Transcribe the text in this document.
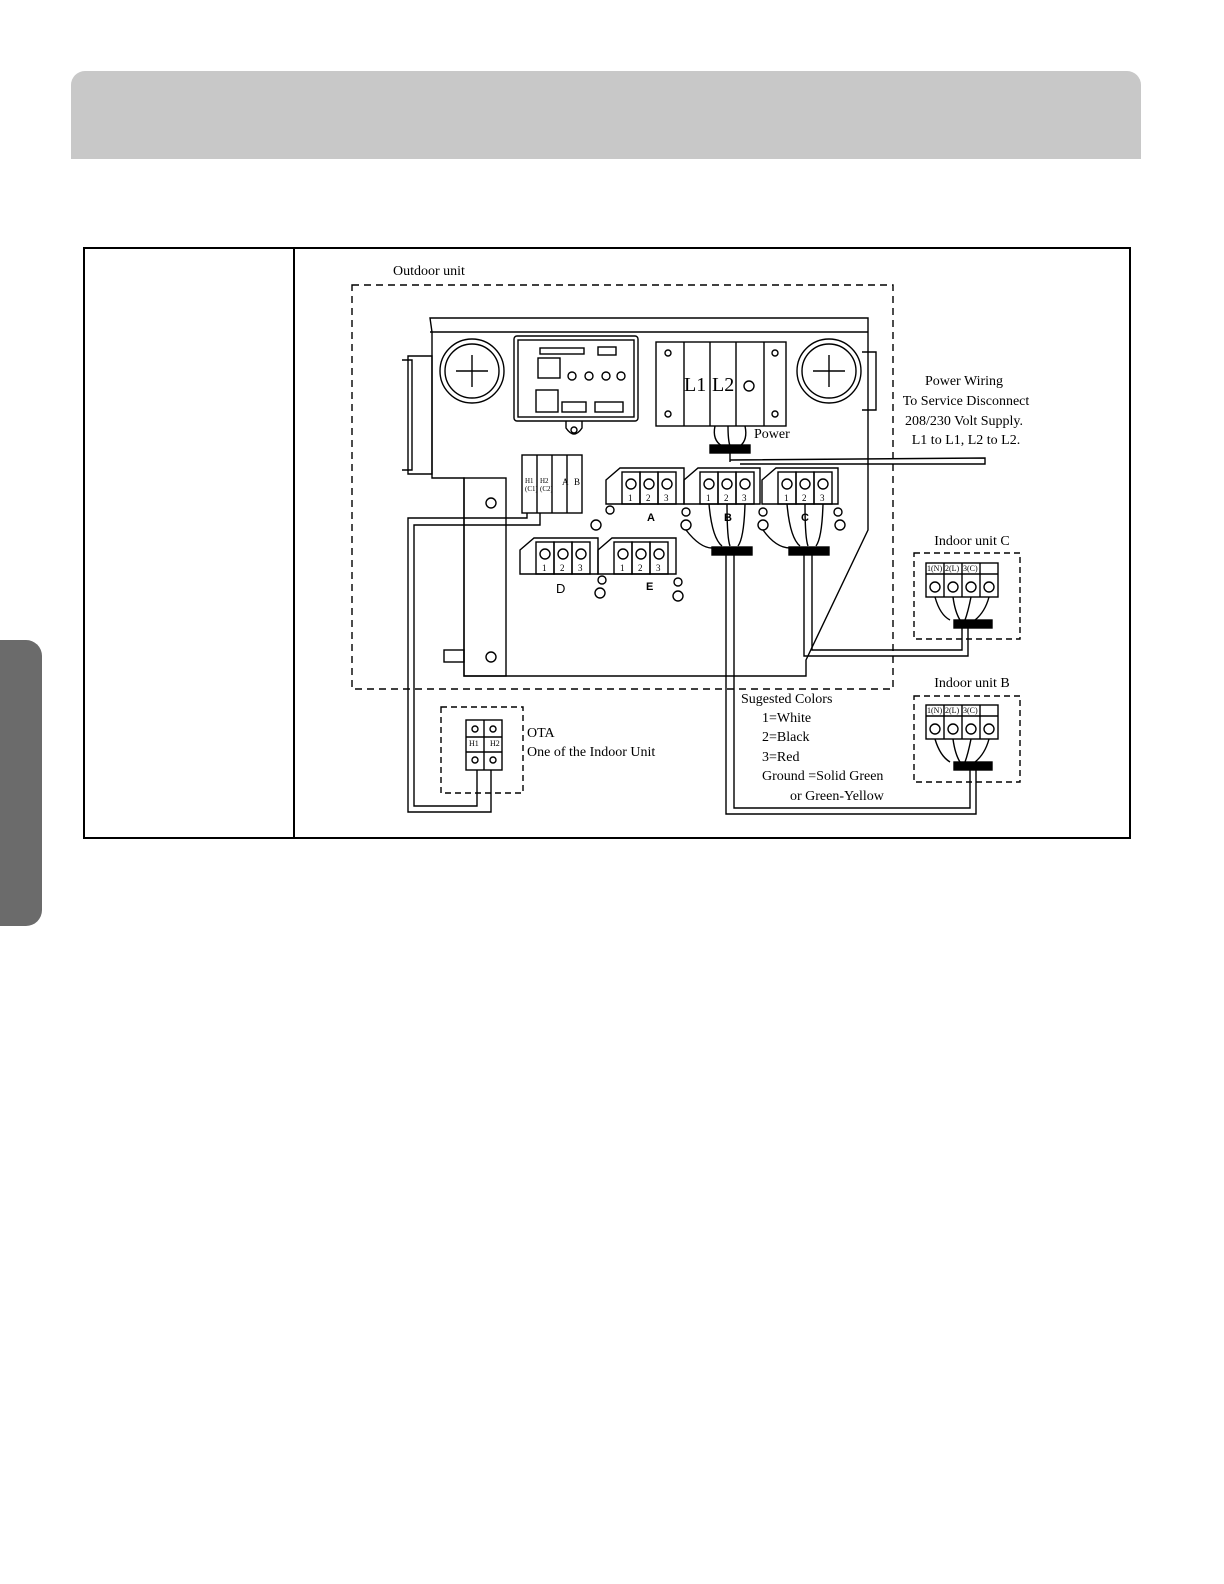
Outdoor unit
Power
L1 L2	Power Wiring
To Service Disconnect
208/230 Volt Supply.
L1 to L1, L2 to L2.
A	B	C
D	E
A B
Indoor unit C
1(N) 2(L) 3(C)
Indoor unit B
1(N) 2(L) 3(C)
OTA
One of the Indoor Unit
H1 H2
Sugested Colors
1=White
2=Black
3=Red
Ground =Solid Green
or Green-Yellow
1 2 3	1 2 3	1 2 3
1 2 3	1 2 3
H1
(C1)
H2
(C2)
